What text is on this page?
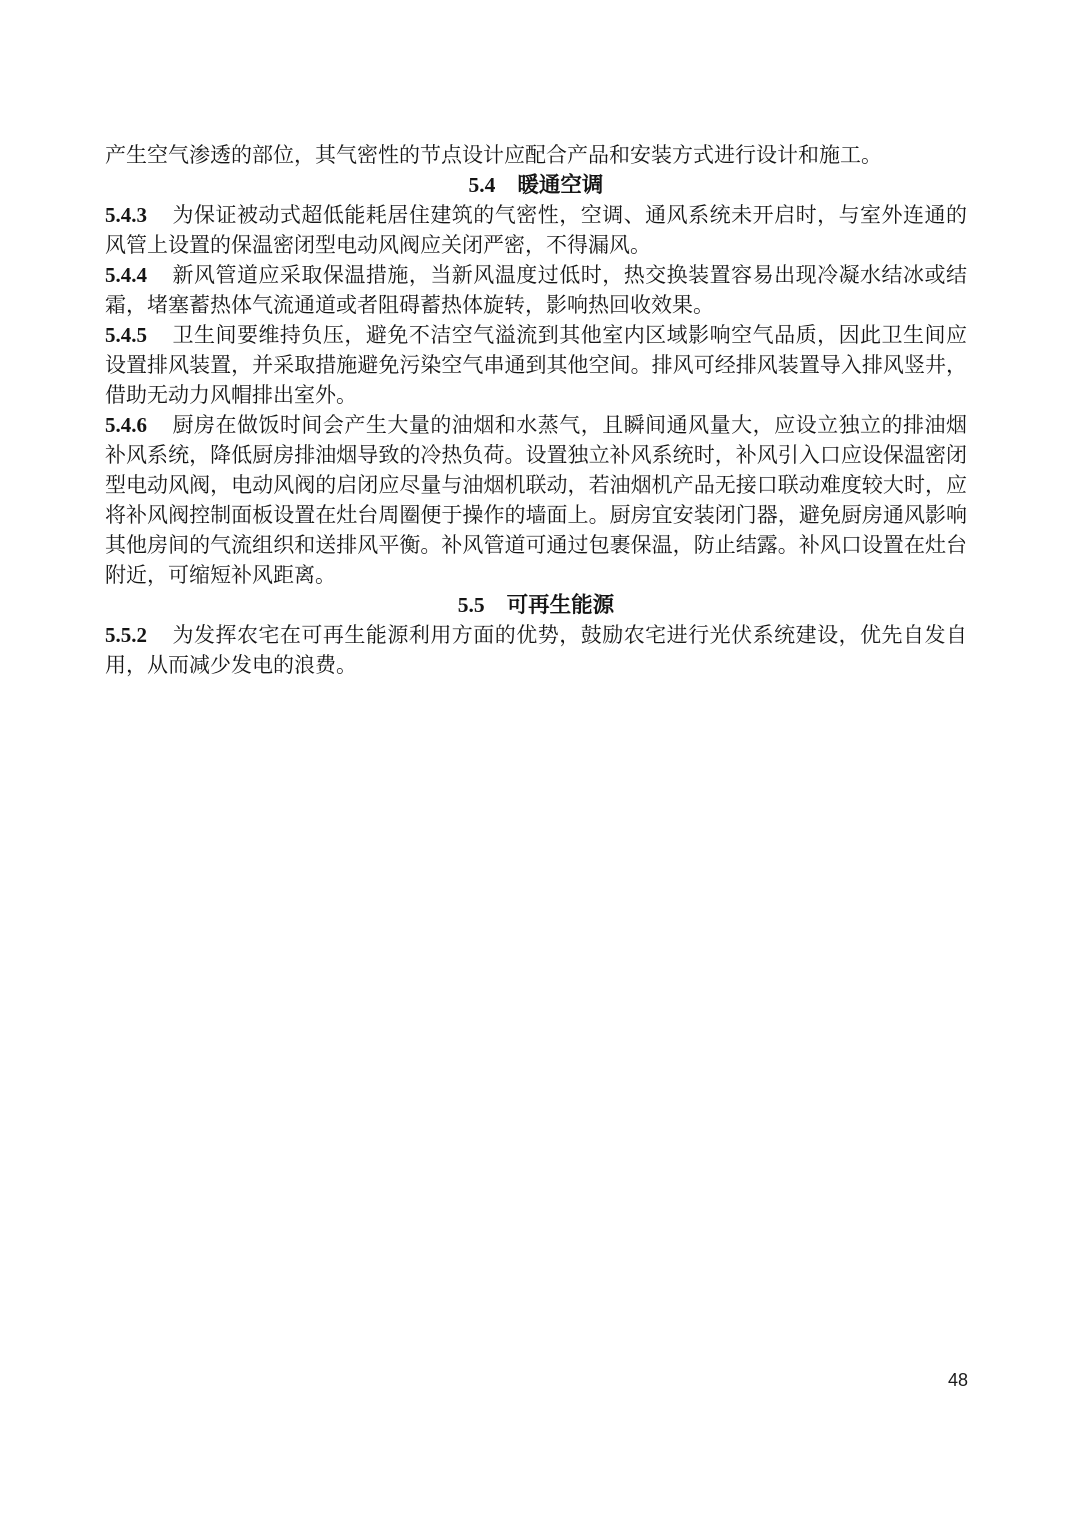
产生空气渗透的部位，其气密性的节点设计应配合产品和安装方式进行设计和施工。

5.4 暖通空调

5.4.3 为保证被动式超低能耗居住建筑的气密性，空调、通风系统未开启时，与室外连通的风管上设置的保温密闭型电动风阀应关闭严密，不得漏风。

5.4.4 新风管道应采取保温措施，当新风温度过低时，热交换装置容易出现冷凝水结冰或结霜，堵塞蓄热体气流通道或者阻碍蓄热体旋转，影响热回收效果。

5.4.5 卫生间要维持负压，避免不洁空气溢流到其他室内区域影响空气品质，因此卫生间应设置排风装置，并采取措施避免污染空气串通到其他空间。排风可经排风装置导入排风竖井，借助无动力风帽排出室外。

5.4.6 厨房在做饭时间会产生大量的油烟和水蒸气，且瞬间通风量大，应设立独立的排油烟补风系统，降低厨房排油烟导致的冷热负荷。设置独立补风系统时，补风引入口应设保温密闭型电动风阀，电动风阀的启闭应尽量与油烟机联动，若油烟机产品无接口联动难度较大时，应将补风阀控制面板设置在灶台周圈便于操作的墙面上。厨房宜安装闭门器，避免厨房通风影响其他房间的气流组织和送排风平衡。补风管道可通过包裹保温，防止结露。补风口设置在灶台附近，可缩短补风距离。

5.5 可再生能源

5.5.2 为发挥农宅在可再生能源利用方面的优势，鼓励农宅进行光伏系统建设，优先自发自用，从而减少发电的浪费。

48
